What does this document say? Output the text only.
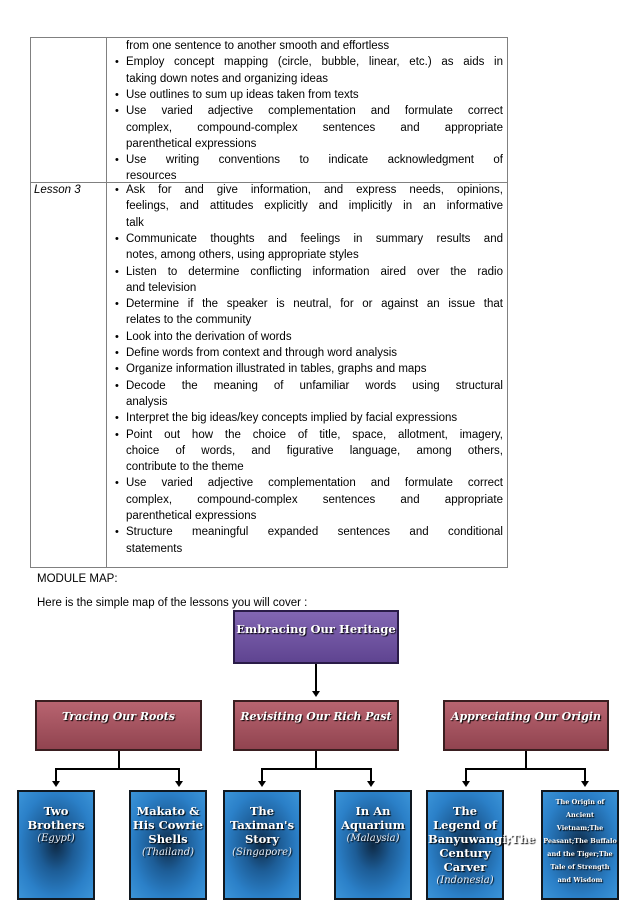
Lesson 3
from one sentence to another smooth and effortless
• Employ concept mapping (circle, bubble, linear, etc.) as aids in
taking down notes and organizing ideas
• Use outlines to sum up ideas taken from texts
• Use varied adjective complementation and formulate correct
complex, compound-complex sentences and appropriate
parenthetical expressions
• Use writing conventions to indicate acknowledgment of
resources
• Ask for and give information, and express needs, opinions,
feelings, and attitudes explicitly and implicitly in an informative
talk
• Communicate thoughts and feelings in summary results and
notes, among others, using appropriate styles
• Listen to determine conflicting information aired over the radio
and television
• Determine if the speaker is neutral, for or against an issue that
relates to the community
• Look into the derivation of words
• Define words from context and through word analysis
• Organize information illustrated in tables, graphs and maps
• Decode the meaning of unfamiliar words using structural
analysis
• Interpret the big ideas/key concepts implied by facial expressions
• Point out how the choice of title, space, allotment, imagery,
choice of words, and figurative language, among others,
contribute to the theme
• Use varied adjective complementation and formulate correct
complex, compound-complex sentences and appropriate
parenthetical expressions
• Structure meaningful expanded sentences and conditional
statements
MODULE MAP:
Here is the simple map of the lessons you will cover :
Embracing Our Heritage
Tracing Our Roots	Revisiting Our Rich Past	Appreciating Our Origin
Two Brothers
(Egypt)
Makato & His Cowrie Shells
(Thailand)
The Taximan's Story
(Singapore)
In An Aquarium
(Malaysia)
The Legend of Banyuwangi;The Century Carver
(Indonesia)
The Origin of Ancient Vietnam;The Peasant;The Buffalo and the Tiger;The Tale of Strength and Wisdom
